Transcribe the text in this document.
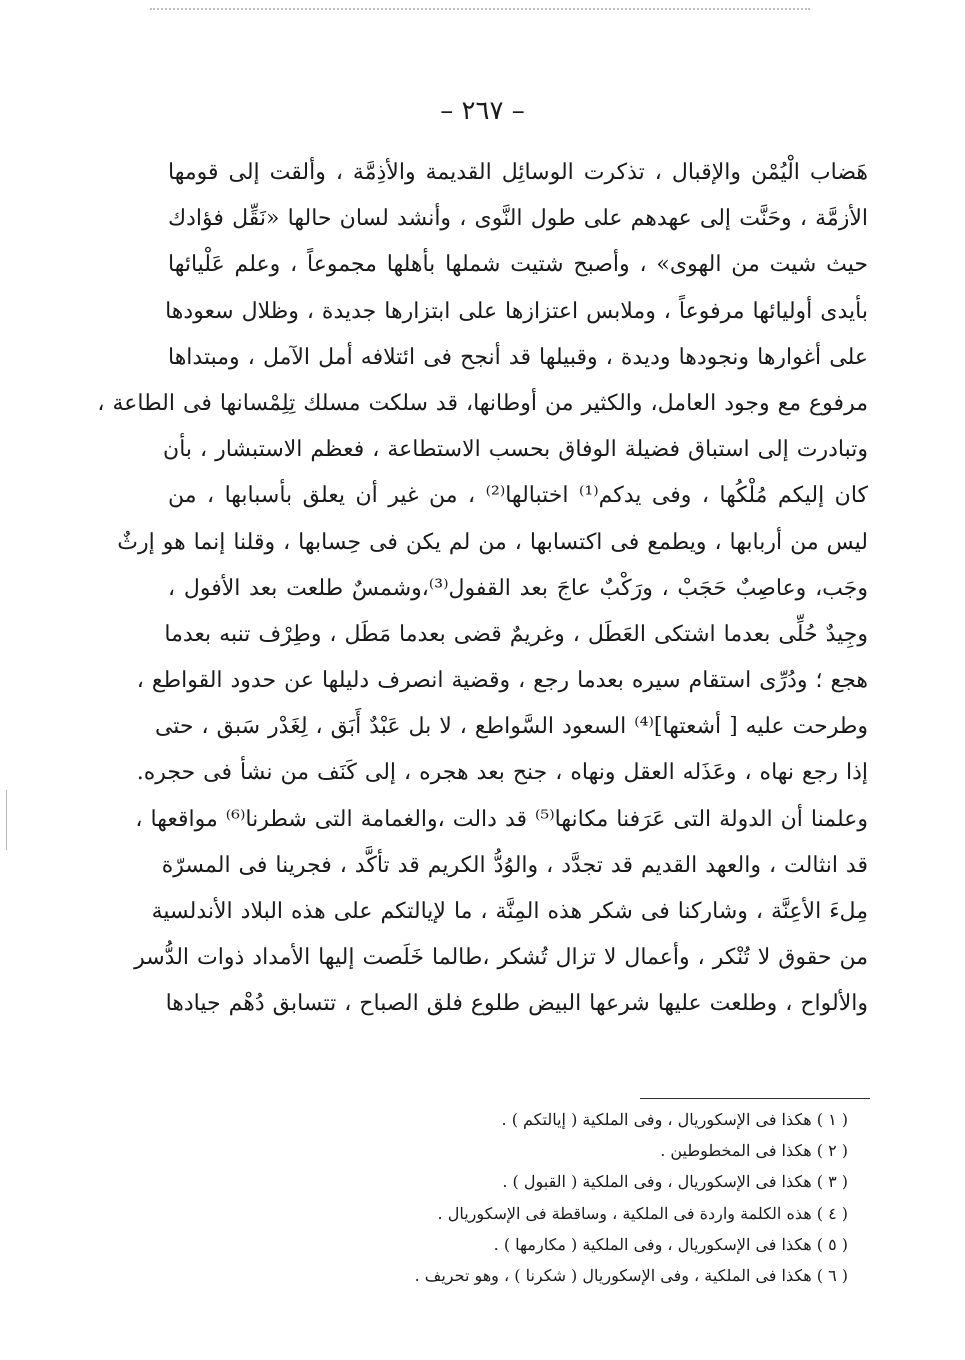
– ٢٦٧ –
هَضاب الْيُمْن والإقبال ، تذكرت الوسائِل القديمة والأذِمَّة ، وألقت إلى قومها
الأزمَّة ، وحَنَّت إلى عهدهم على طول النَّوى ، وأنشد لسان حالها «نَقِّل فؤادك
حيث شيت من الهوى» ، وأصبح شتيت شملها بأهلها مجموعاً ، وعلم عَلْيائها
بأيدى أوليائها مرفوعاً ، وملابس اعتزازها على ابتزارها جديدة ، وظلال سعودها
على أغوارها ونجودها وديدة ، وقبيلها قد أنجح فى ائتلافه أمل الآمل ، ومبتداها
مرفوع مع وجود العامل، والكثير من أوطانها، قد سلكت مسلك تِلِمْسانها فى الطاعة ،
وتبادرت إلى استباق فضيلة الوفاق بحسب الاستطاعة ، فعظم الاستبشار ، بأن
كان إليكم مُلْكُها ، وفى يدكم⁽¹⁾ اختبالها⁽²⁾ ، من غير أن يعلق بأسبابها ، من
ليس من أربابها ، ويطمع فى اكتسابها ، من لم يكن فى حِسابها ، وقلنا إنما هو إرثٌ
وجَب، وعاصِبٌ حَجَبْ ، ورَكْبٌ عاجَ بعد القفول⁽³⁾،وشمسٌ طلعت بعد الأفول ،
وجِيدٌ حُلِّى بعدما اشتكى العَطَل ، وغريمٌ قضى بعدما مَطَل ، وطِرْف تنبه بعدما
هجع ؛ ودُرِّى استقام سيره بعدما رجع ، وقضية انصرف دليلها عن حدود القواطع ،
وطرحت عليه [ أشعتها]⁽⁴⁾ السعود السَّواطع ، لا بل عَبْدٌ أَبَق ، لِغَدْر سَبق ، حتى
إذا رجع نهاه ، وعَذَله العقل ونهاه ، جنح بعد هجره ، إلى كَنَف من نشأ فى حجره.
وعلمنا أن الدولة التى عَرَفنا مكانها⁽⁵⁾ قد دالت ،والغمامة التى شطرنا⁽⁶⁾ مواقعها ،
قد انثالت ، والعهد القديم قد تجدَّد ، والوُدُّ الكريم قد تأكَّد ، فجرينا فى المسرّة
مِلءَ الأعِنَّة ، وشاركنا فى شكر هذه المِنَّة ، ما لإيالتكم على هذه البلاد الأندلسية
من حقوق لا تُنْكر ، وأعمال لا تزال تُشكر ،طالما خَلَصت إليها الأمداد ذوات الدُّسر
والألواح ، وطلعت عليها شرعها البيض طلوع فلق الصباح ، تتسابق دُهْم جيادها
( ١ ) هكذا فى الإسكوريال ، وفى الملكية ( إيالتكم ) .
( ٢ ) هكذا فى المخطوطين .
( ٣ ) هكذا فى الإسكوريال ، وفى الملكية ( القبول ) .
( ٤ ) هذه الكلمة واردة فى الملكية ، وساقطة فى الإسكوريال .
( ٥ ) هكذا فى الإسكوريال ، وفى الملكية ( مكارمها ) .
( ٦ ) هكذا فى الملكية ، وفى الإسكوريال ( شكرنا ) ، وهو تحريف .
